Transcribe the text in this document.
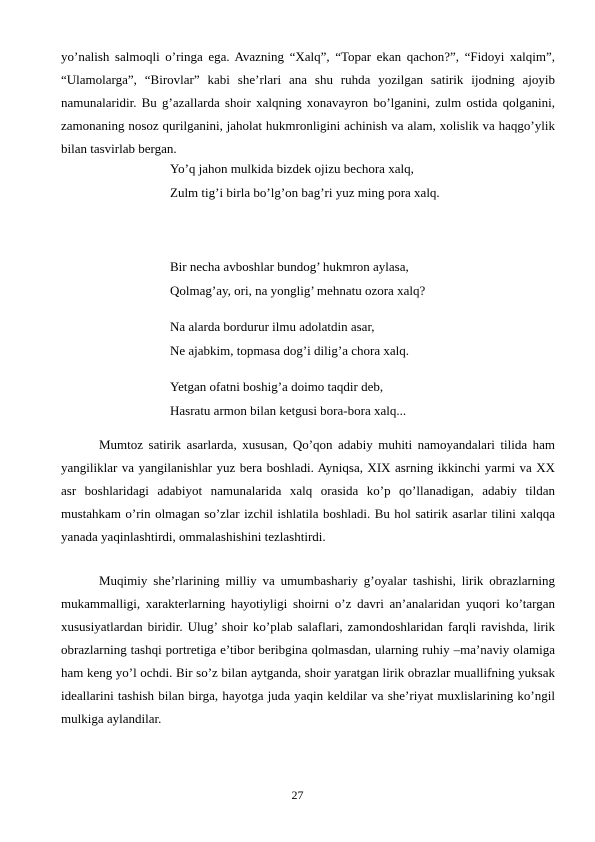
yo’nalish salmoqli o’ringa ega. Avazning “Xalq”, “Topar ekan qachon?”, “Fidoyi xalqim”, “Ulamolarga”, “Birovlar” kabi she’rlari ana shu ruhda yozilgan satirik ijodning ajoyib namunalaridir. Bu g’azallarda shoir xalqning xonavayron bo’lganini, zulm ostida qolganini, zamonaning nosoz qurilganini, jaholat hukmronligini achinish va alam, xolislik va haqgo’ylik bilan tasvirlab bergan.

Yo’q jahon mulkida bizdek ojizu bechora xalq,
Zulm tig’i birla bo’lg’on bag’ri yuz ming pora xalq.
Bir necha avboshlar bundog’ hukmron aylasa,
Qolmag’ay, ori, na yonglig’ mehnatu ozora xalq?
Na alarda bordurur ilmu adolatdin asar,
Ne ajabkim, topmasa dog’i dilig’a chora xalq.
Yetgan ofatni boshig’a doimo taqdir deb,
Hasratu armon bilan ketgusi bora-bora xalq...

Mumtoz satirik asarlarda, xususan, Qo’qon adabiy muhiti namoyandalari tilida ham yangiliklar va yangilanishlar yuz bera boshladi. Ayniqsa, XIX asrning ikkinchi yarmi va XX asr boshlaridagi adabiyot namunalarida xalq orasida ko’p qo’llanadigan, adabiy tildan mustahkam o’rin olmagan so’zlar izchil ishlatila boshladi. Bu hol satirik asarlar tilini xalqqa yanada yaqinlashtirdi, ommalashishini tezlashtirdi.

Muqimiy she’rlarining milliy va umumbashariy g’oyalar tashishi, lirik obrazlarning mukammalligi, xarakterlarning hayotiyligi shoirni o’z davri an’analaridan yuqori ko’targan xususiyatlardan biridir. Ulug’ shoir ko’plab salaflari, zamondoshlaridan farqli ravishda, lirik obrazlarning tashqi portretiga e’tibor beribgina qolmasdan, ularning ruhiy –ma’naviy olamiga ham keng yo’l ochdi. Bir so’z bilan aytganda, shoir yaratgan lirik obrazlar muallifning yuksak ideallarini tashish bilan birga, hayotga juda yaqin keldilar va she’riyat muxlislarining ko’ngil mulkiga aylandilar.

27
